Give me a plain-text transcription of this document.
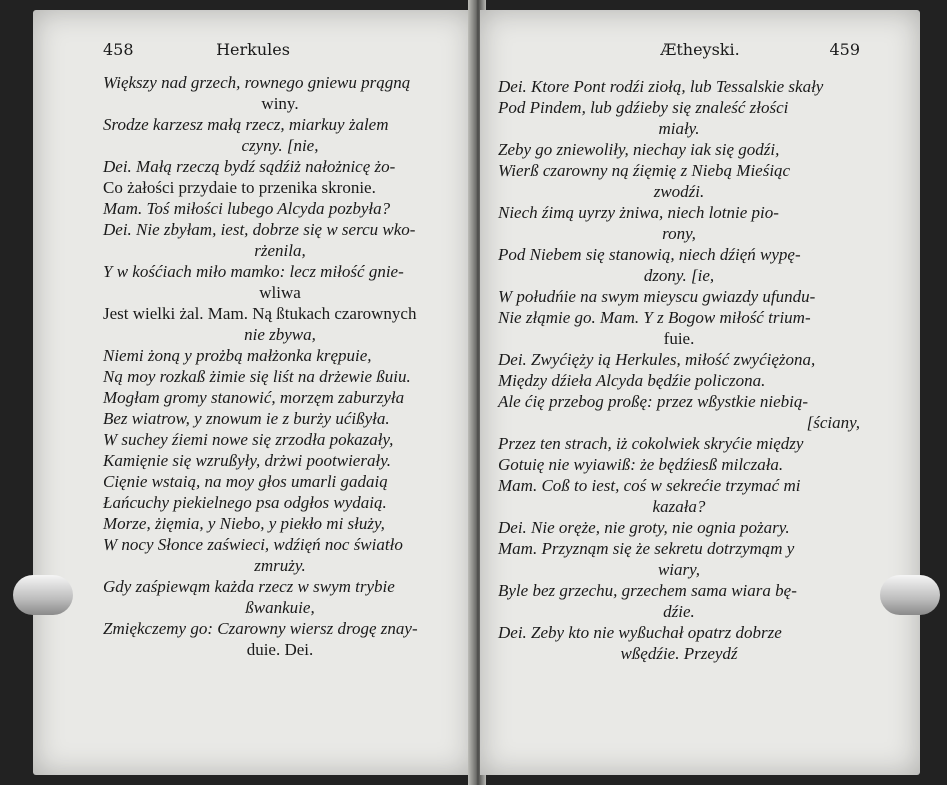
458	Herkules
Większy nad grzech, rownego gniewu prągną
winy.
Srodze karzesz małą rzecz, miarkuy żalem
czyny. [nie,
Dei. Małą rzeczą bydź sądźiż nałożnicę żo-
Co żałości przydaie to przenika skronie.
Mam. Toś miłości lubego Alcyda pozbyła?
Dei. Nie zbyłam, iest, dobrze się w sercu wko-
rżenila,
Y w kośćiach miło mamko: lecz miłość gnie-
wliwa
Jest wielki żal. Mam. Ną ßtukach czarownych
nie zbywa,
Niemi żoną y prożbą małżonka krępuie,
Ną moy rozkaß żimie się liśt na drżewie ßuiu.
Mogłam gromy stanowić, morzęm zaburzyła
Bez wiatrow, y znowum ie z burży ućißyła.
W suchey źiemi nowe się zrzodła pokazały,
Kamięnie się wzrußyły, drżwi pootwierały.
Cięnie wstaią, na moy głos umarli gadaią
Łańcuchy piekielnego psa odgłos wydaią.
Morze, żięmia, y Niebo, y piekło mi służy,
W nocy Słonce zaświeci, wdźięń noc światło
zmruży.
Gdy zaśpiewąm każda rzecz w swym trybie
ßwankuie,
Zmiękczemy go: Czarowny wiersz drogę znay-
duie. Dei.
Ætheyski.	459
Dei. Ktore Pont rodźi ziołą, lub Tessalskie skały
Pod Pindem, lub gdźieby się znaleść złości
miały.
Zeby go zniewoliły, niechay iak się godźi,
Wierß czarowny ną źięmię z Niebą Mieśiąc
zwodźi.
Niech źimą uyrzy żniwa, niech lotnie pio-
rony,
Pod Niebem się stanowią, niech dźięń wypę-
dzony. [ie,
W połudńie na swym mieyscu gwiazdy ufundu-
Nie złąmie go. Mam. Y z Bogow miłość trium-
fuie.
Dei. Zwyćięży ią Herkules, miłość zwyćiężona,
Między dźieła Alcyda będźie policzona.
Ale ćię przebog proßę: przez wßystkie niebią-
[ściany,
Przez ten strach, iż cokolwiek skryćie między
Gotuię nie wyiawiß: że będźiesß milczała.
Mam. Coß to iest, coś w sekrećie trzymać mi
kazała?
Dei. Nie oręże, nie groty, nie ognia pożary.
Mam. Przyznąm się że sekretu dotrzymąm y
wiary,
Byle bez grzechu, grzechem sama wiara bę-
dźie.
Dei. Zeby kto nie wyßuchał opatrz dobrze
wßędźie. Przeydź
